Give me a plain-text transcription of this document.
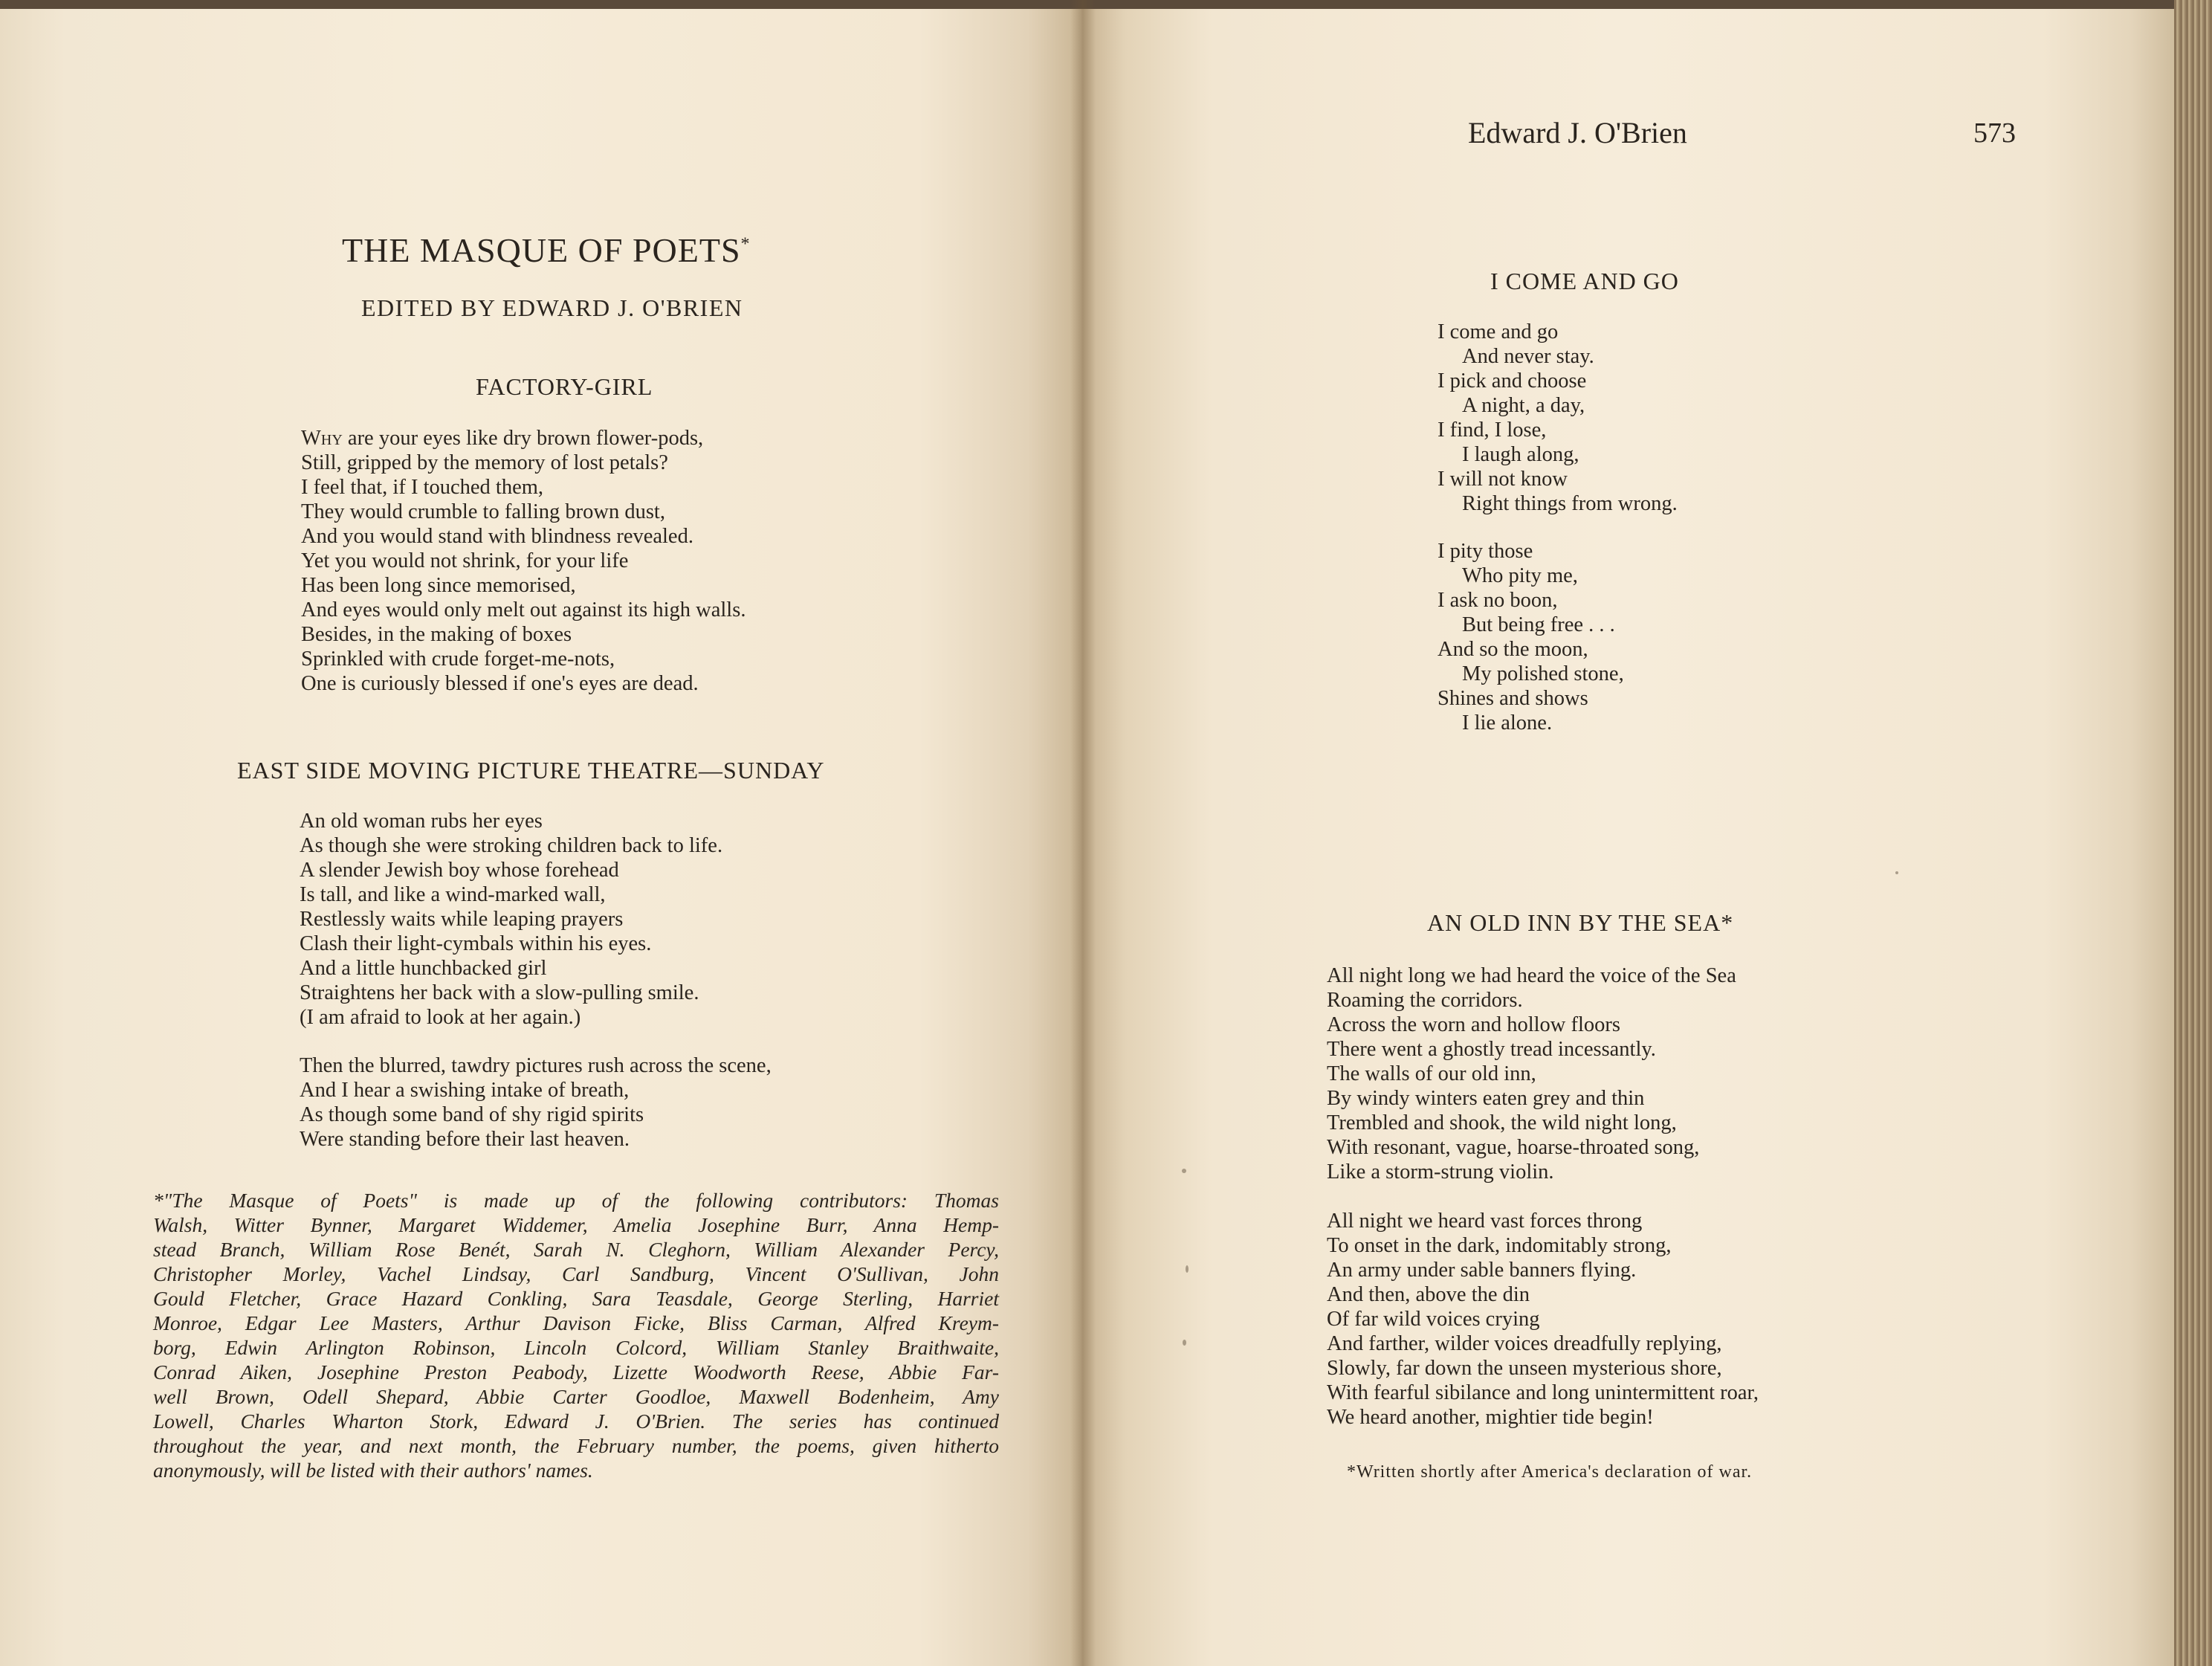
THE MASQUE OF POETS*
EDITED BY EDWARD J. O'BRIEN
FACTORY-GIRL
Why are your eyes like dry brown flower-pods,
Still, gripped by the memory of lost petals?
I feel that, if I touched them,
They would crumble to falling brown dust,
And you would stand with blindness revealed.
Yet you would not shrink, for your life
Has been long since memorised,
And eyes would only melt out against its high walls.
Besides, in the making of boxes
Sprinkled with crude forget-me-nots,
One is curiously blessed if one's eyes are dead.
EAST SIDE MOVING PICTURE THEATRE—SUNDAY
An old woman rubs her eyes
As though she were stroking children back to life.
A slender Jewish boy whose forehead
Is tall, and like a wind-marked wall,
Restlessly waits while leaping prayers
Clash their light-cymbals within his eyes.
And a little hunchbacked girl
Straightens her back with a slow-pulling smile.
(I am afraid to look at her again.)
Then the blurred, tawdry pictures rush across the scene,
And I hear a swishing intake of breath,
As though some band of shy rigid spirits
Were standing before their last heaven.
*"The Masque of Poets" is made up of the following contributors: Thomas
Walsh, Witter Bynner, Margaret Widdemer, Amelia Josephine Burr, Anna Hemp-
stead Branch, William Rose Benét, Sarah N. Cleghorn, William Alexander Percy,
Christopher Morley, Vachel Lindsay, Carl Sandburg, Vincent O'Sullivan, John
Gould Fletcher, Grace Hazard Conkling, Sara Teasdale, George Sterling, Harriet
Monroe, Edgar Lee Masters, Arthur Davison Ficke, Bliss Carman, Alfred Kreym-
borg, Edwin Arlington Robinson, Lincoln Colcord, William Stanley Braithwaite,
Conrad Aiken, Josephine Preston Peabody, Lizette Woodworth Reese, Abbie Far-
well Brown, Odell Shepard, Abbie Carter Goodloe, Maxwell Bodenheim, Amy
Lowell, Charles Wharton Stork, Edward J. O'Brien. The series has continued
throughout the year, and next month, the February number, the poems, given hitherto
anonymously, will be listed with their authors' names.
Edward J. O'Brien	573
I COME AND GO
I come and go
And never stay.
I pick and choose
A night, a day,
I find, I lose,
I laugh along,
I will not know
Right things from wrong.
I pity those
Who pity me,
I ask no boon,
But being free . . .
And so the moon,
My polished stone,
Shines and shows
I lie alone.
AN OLD INN BY THE SEA*
All night long we had heard the voice of the Sea
Roaming the corridors.
Across the worn and hollow floors
There went a ghostly tread incessantly.
The walls of our old inn,
By windy winters eaten grey and thin
Trembled and shook, the wild night long,
With resonant, vague, hoarse-throated song,
Like a storm-strung violin.
All night we heard vast forces throng
To onset in the dark, indomitably strong,
An army under sable banners flying.
And then, above the din
Of far wild voices crying
And farther, wilder voices dreadfully replying,
Slowly, far down the unseen mysterious shore,
With fearful sibilance and long unintermittent roar,
We heard another, mightier tide begin!
*Written shortly after America's declaration of war.
